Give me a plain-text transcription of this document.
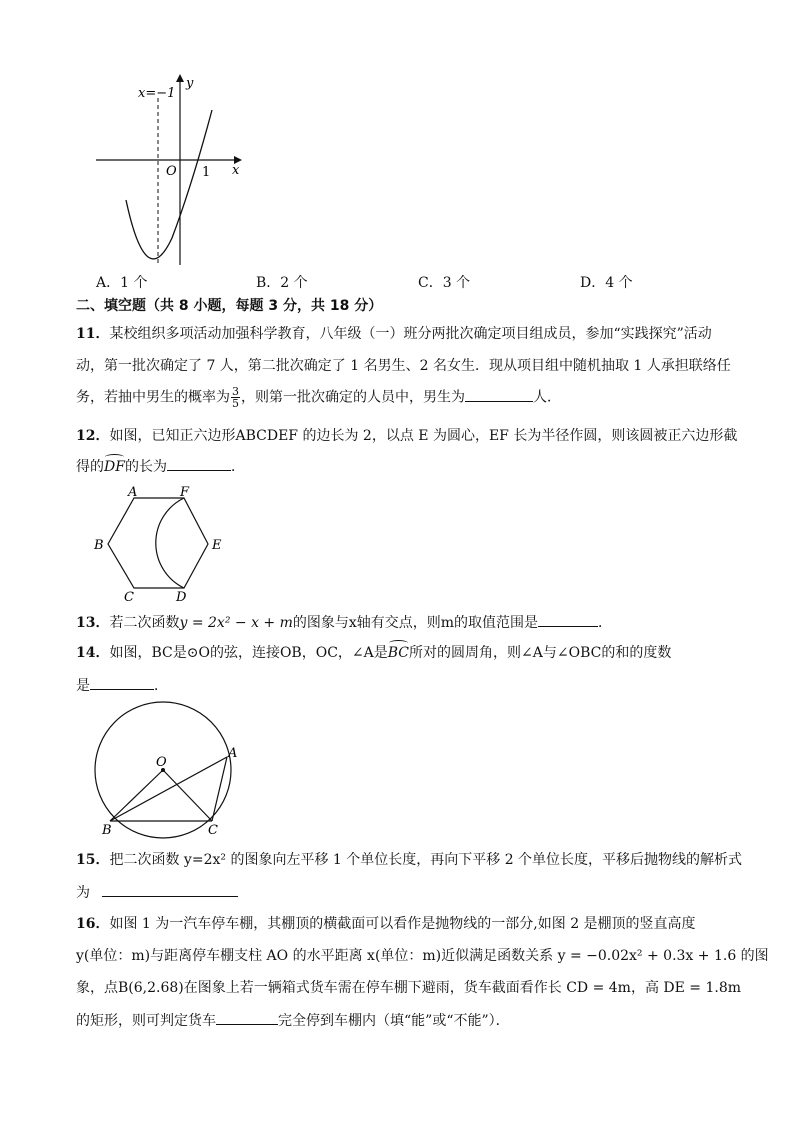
x=−1
y
x
O 1
A．1 个	B．2 个	C．3 个	D．4 个
二、填空题（共 8 小题，每题 3 分，共 18 分）
11．某校组织多项活动加强科学教育，八年级（一）班分两批次确定项目组成员，参加“实践探究”活动
动，第一批次确定了 7 人，第二批次确定了 1 名男生、2 名女生．现从项目组中随机抽取 1 人承担联络任
务，若抽中男生的概率为 $\frac{3}{5}$ ，则第一批次确定的人员中，男生为	人．
12．如图，已知正六边形ABCDEF 的边长为 2，以点 E 为圆心，EF 长为半径作圆，则该圆被正六边形截
得的DF的长为	．
A	F
B	E
C	D
13．若二次函数y = 2x² − x + m的图象与x轴有交点，则m的取值范围是	．
14．如图，BC是⊙O的弦，连接OB，OC，∠A是BC所对的圆周角，则∠A与∠OBC的和的度数
是	．
O
A
B	C
15．把二次函数 y=2x² 的图象向左平移 1 个单位长度，再向下平移 2 个单位长度，平移后抛物线的解析式
为
16．如图 1 为一汽车停车棚，其棚顶的横截面可以看作是抛物线的一部分,如图 2 是棚顶的竖直高度
y(单位：m)与距离停车棚支柱 AO 的水平距离 x(单位：m)近似满足函数关系 y = −0.02x² + 0.3x + 1.6 的图
象，点B(6,2.68)在图象上若一辆箱式货车需在停车棚下避雨，货车截面看作长 CD = 4m，高 DE = 1.8m
的矩形，则可判定货车	完全停到车棚内（填“能”或“不能”）．
